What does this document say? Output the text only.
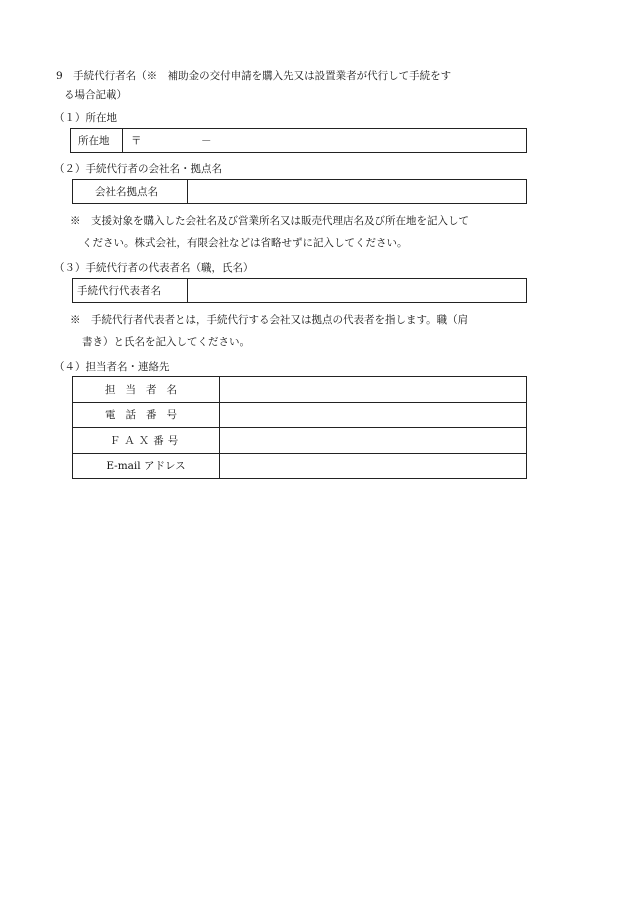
9　手続代行者名（※　補助金の交付申請を購入先又は設置業者が代行して手続をす
る場合記載）
（１）所在地
所在地 〒	－
（２）手続代行者の会社名・拠点名
会社名拠点名
※　支援対象を購入した会社名及び営業所名又は販売代理店名及び所在地を記入して
ください。株式会社，有限会社などは省略せずに記入してください。
（３）手続代行者の代表者名（職，氏名）
手続代行代表者名
※　手続代行者代表者とは，手続代行する会社又は拠点の代表者を指します。職（肩
書き）と氏名を記入してください。
（４）担当者名・連絡先
担当者名
電話番号
ＦＡＸ番号
E-mail アドレス
